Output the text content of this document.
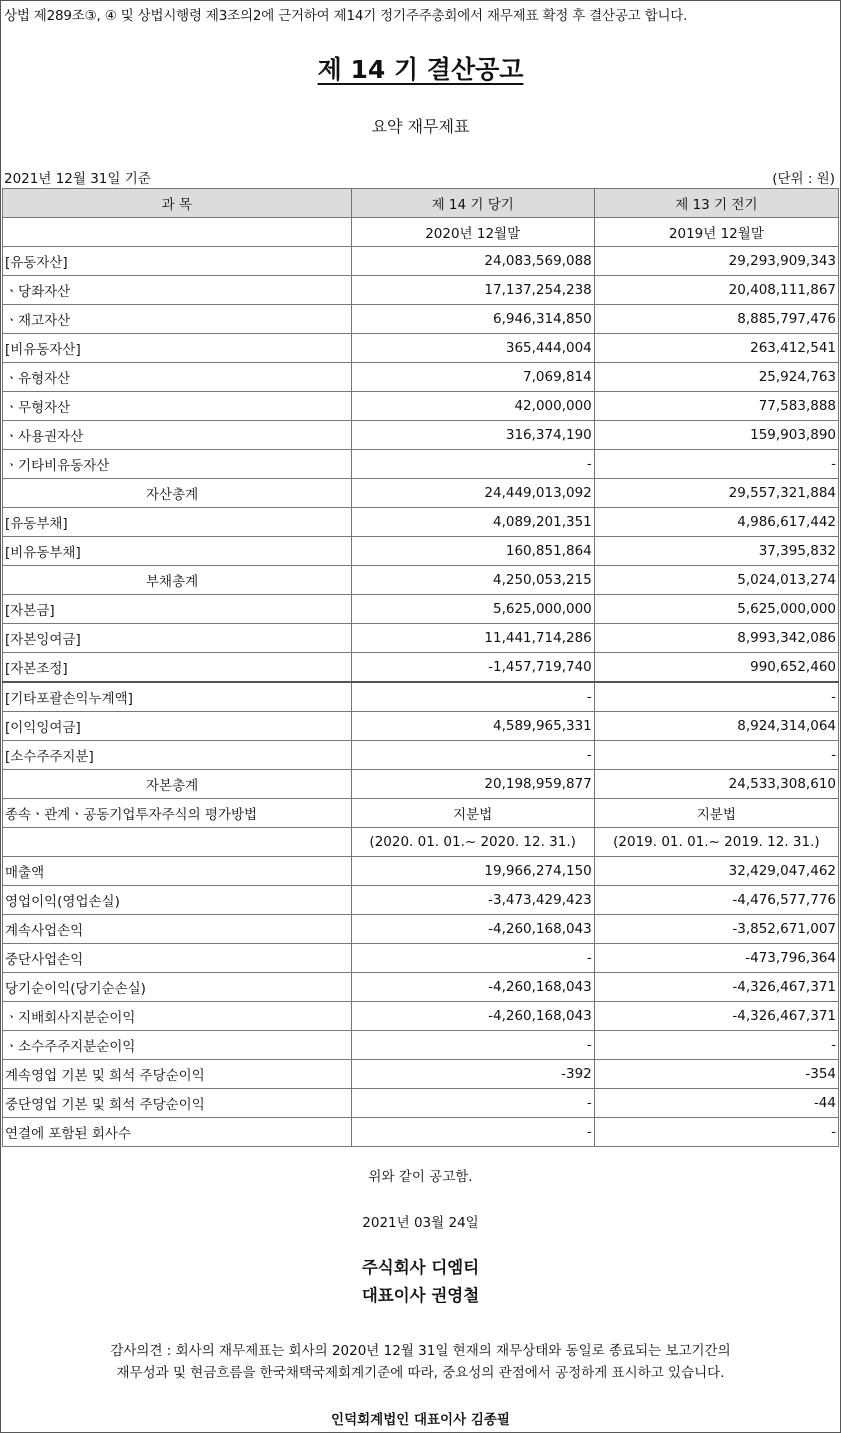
상법 제289조③, ④ 및 상법시행령 제3조의2에 근거하여 제14기 정기주주총회에서 재무제표 확정 후 결산공고 합니다.
제 14 기 결산공고
요약 재무제표
2021년 12월 31일 기준	(단위 : 원)
과 목	제 14 기 당기	제 13 기 전기
	2020년 12월말	2019년 12월말
[유동자산]	24,083,569,088	29,293,909,343
ㆍ당좌자산	17,137,254,238	20,408,111,867
ㆍ재고자산	6,946,314,850	8,885,797,476
[비유동자산]	365,444,004	263,412,541
ㆍ유형자산	7,069,814	25,924,763
ㆍ무형자산	42,000,000	77,583,888
ㆍ사용권자산	316,374,190	159,903,890
ㆍ기타비유동자산	-	-
자산총계	24,449,013,092	29,557,321,884
[유동부채]	4,089,201,351	4,986,617,442
[비유동부채]	160,851,864	37,395,832
부채총계	4,250,053,215	5,024,013,274
[자본금]	5,625,000,000	5,625,000,000
[자본잉여금]	11,441,714,286	8,993,342,086
[자본조정]	-1,457,719,740	990,652,460
[기타포괄손익누계액]	-	-
[이익잉여금]	4,589,965,331	8,924,314,064
[소수주주지분]	-	-
자본총계	20,198,959,877	24,533,308,610
종속ㆍ관계ㆍ공동기업투자주식의 평가방법	지분법	지분법
	(2020. 01. 01.~ 2020. 12. 31.)	(2019. 01. 01.~ 2019. 12. 31.)
매출액	19,966,274,150	32,429,047,462
영업이익(영업손실)	-3,473,429,423	-4,476,577,776
계속사업손익	-4,260,168,043	-3,852,671,007
중단사업손익	-	-473,796,364
당기순이익(당기순손실)	-4,260,168,043	-4,326,467,371
ㆍ지배회사지분순이익	-4,260,168,043	-4,326,467,371
ㆍ소수주주지분순이익	-	-
계속영업 기본 및 희석 주당순이익	-392	-354
중단영업 기본 및 희석 주당순이익	-	-44
연결에 포함된 회사수	-	-
위와 같이 공고함.
2021년 03월 24일
주식회사 디엠티
대표이사 권영철
감사의견 : 회사의 재무제표는 회사의 2020년 12월 31일 현재의 재무상태와 동일로 종료되는 보고기간의
재무성과 및 현금흐름을 한국채택국제회계기준에 따라, 중요성의 관점에서 공정하게 표시하고 있습니다.
인덕회계법인 대표이사 김종필
